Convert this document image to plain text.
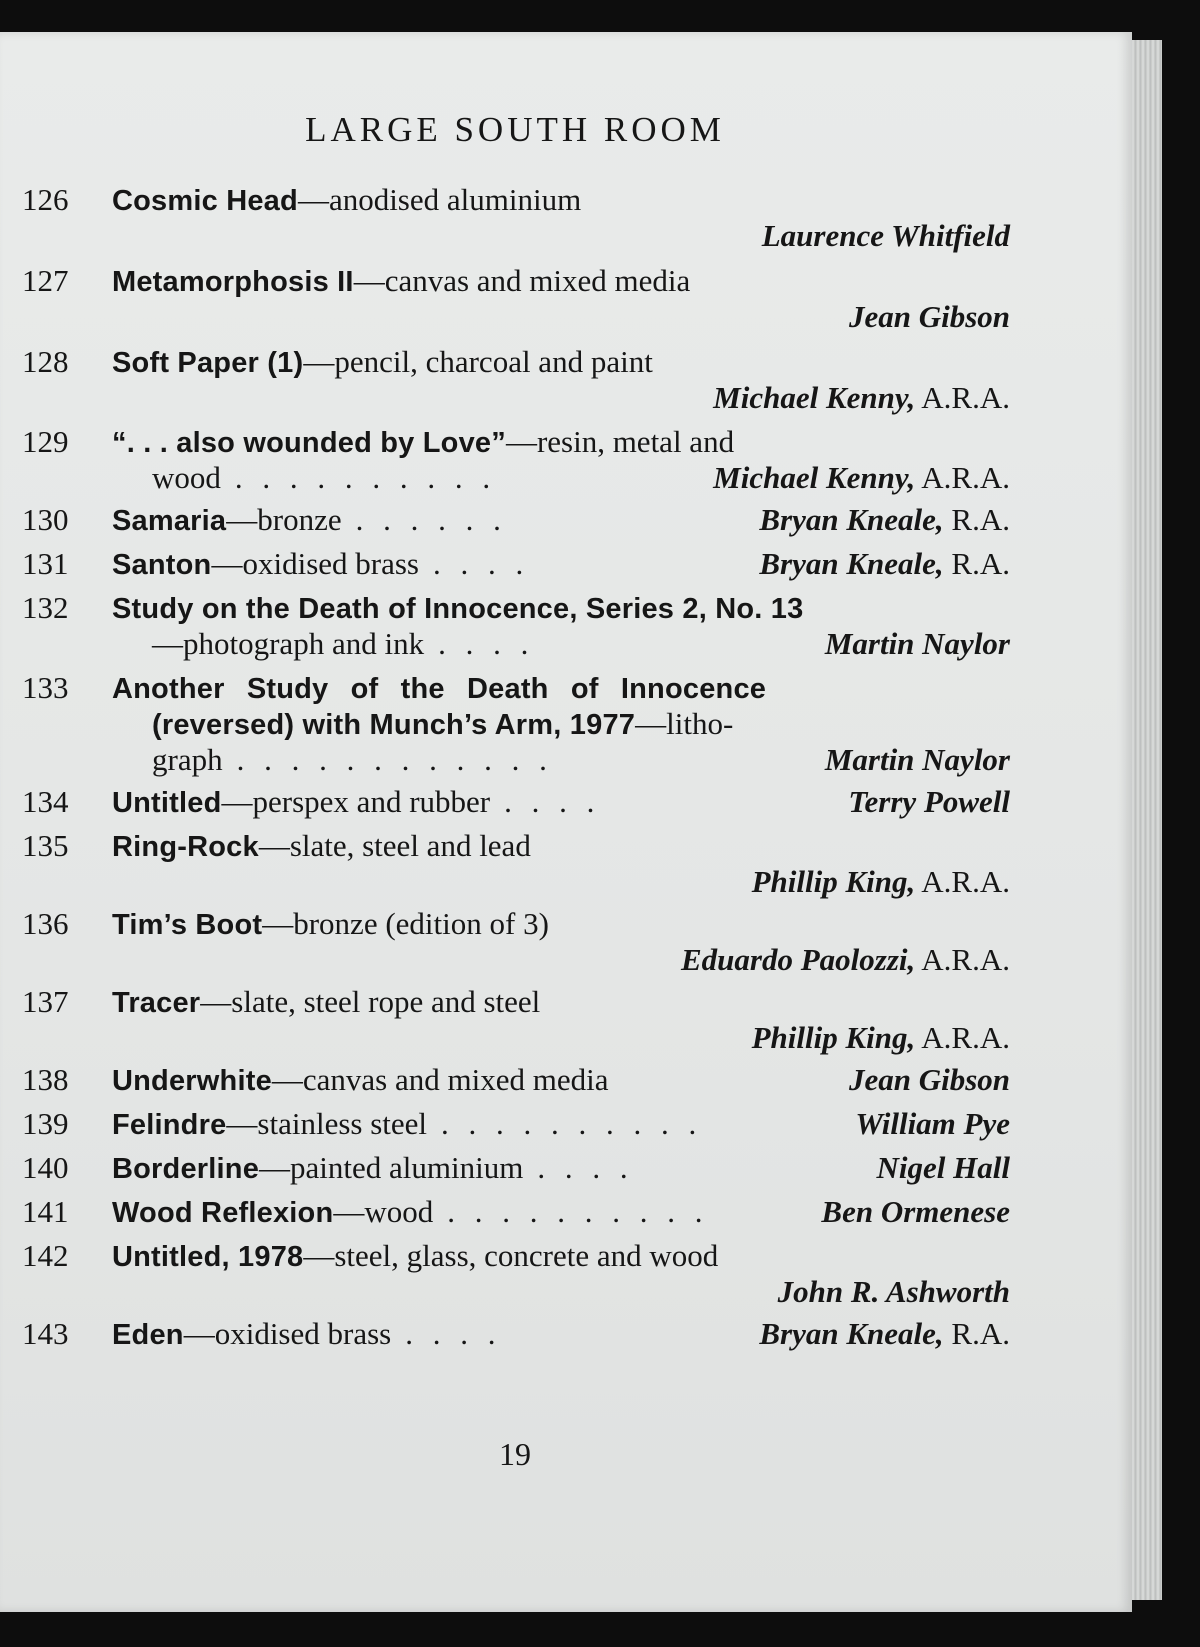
LARGE SOUTH ROOM
126	Cosmic Head—anodised aluminium
Laurence Whitfield
127	Metamorphosis II—canvas and mixed media
Jean Gibson
128	Soft Paper (1)—pencil, charcoal and paint
Michael Kenny, A.R.A.
129	“. . . also wounded by Love”—resin, metal and
wood . . . . . . . . . .	Michael Kenny, A.R.A.
130	Samaria—bronze . . . . . .	Bryan Kneale, R.A.
131	Santon—oxidised brass . . . .	Bryan Kneale, R.A.
132	Study on the Death of Innocence, Series 2, No. 13
—photograph and ink . . . .	Martin Naylor
133	Another Study of the Death of Innocence
(reversed) with Munch’s Arm, 1977—litho-
graph . . . . . . . . . . . .	Martin Naylor
134	Untitled—perspex and rubber . . . .	Terry Powell
135	Ring-Rock—slate, steel and lead
Phillip King, A.R.A.
136	Tim’s Boot—bronze (edition of 3)
Eduardo Paolozzi, A.R.A.
137	Tracer—slate, steel rope and steel
Phillip King, A.R.A.
138	Underwhite—canvas and mixed media	Jean Gibson
139	Felindre—stainless steel . . . . . . . . . .	William Pye
140	Borderline—painted aluminium . . . .	Nigel Hall
141	Wood Reflexion—wood . . . . . . . . . .	Ben Ormenese
142	Untitled, 1978—steel, glass, concrete and wood
John R. Ashworth
143	Eden—oxidised brass . . . .	Bryan Kneale, R.A.
19
